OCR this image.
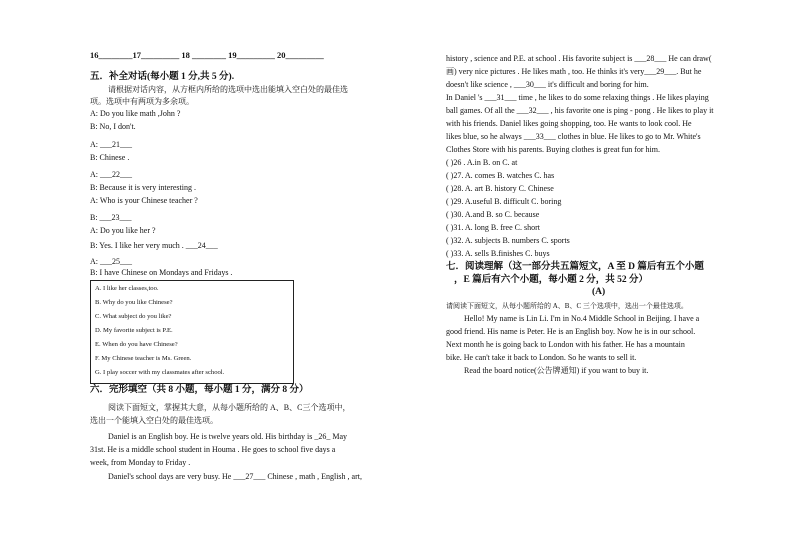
16________17_________ 18 ________ 19_________ 20_________
五．补全对话(每小题 1 分,共 5 分).
请根据对话内容，从方框内所给的选项中选出能填入空白处的最佳选
项。选项中有两项为多余项。
A: Do you like math ,John ?
B: No, I don't.
A: ___21___
B: Chinese .
A: ___22___
B: Because it is very interesting .
A: Who is your Chinese teacher ?
B: ___23___
A: Do you like her ?
B: Yes. I like her very much . ___24___
A: ___25___
B: I have Chinese on Mondays and Fridays .
六．完形填空（共 8 小题，每小题 1 分，满分 8 分）
阅读下面短文，掌握其大意，从每小题所给的 A、B、C三个选项中，
选出一个能填入空白处的最佳选项。
Daniel is an English boy. He is twelve years old. His birthday is _26_ May
31st. He is a middle school student in Houma . He goes to school five days a
week, from Monday to Friday .
Daniel's school days are very busy. He ___27___ Chinese , math , English , art,
A. I like her classes,too.
B. Why do you like Chinese?
C. What subject do you like?
D. My favorite subject is P.E.
E. When do you have Chinese?
F. My Chinese teacher is Ms. Green.
G. I play soccer with my classmates after school.
history , science and P.E. at school . His favorite subject is ___28___ He can draw(
画) very nice pictures . He likes math , too. He thinks it's very___29___. But he
doesn't like science , ___30___ it's difficult and boring for him.
In Daniel 's ___31___ time , he likes to do some relaxing things . He likes playing
ball games. Of all the ___32___ , his favorite one is ping - pong . He likes to play it
with his friends. Daniel likes going shopping, too. He wants to look cool. He
likes blue, so he always ___33___ clothes in blue. He likes to go to Mr. White's
Clothes Store with his parents. Buying clothes is great fun for him.
( )26 . A.in B. on C. at
( )27. A. comes B. watches C. has
( )28. A. art B. history C. Chinese
( )29. A.useful B. difficult C. boring
( )30. A.and B. so C. because
( )31. A. long B. free C. short
( )32. A. subjects B. numbers C. sports
( )33. A. sells B.finishes C. buys
七．阅读理解（这一部分共五篇短文，A 至 D 篇后有五个小题
，E 篇后有六个小题，每小题 2 分，共 52 分）
(A)
请阅读下面短文，从每小题所给的 A、B、C 三个选项中，选出一个最佳选项。
Hello! My name is Lin Li. I'm in No.4 Middle School in Beijing. I have a
good friend. His name is Peter. He is an English boy. Now he is in our school.
Next month he is going back to London with his father. He has a mountain
bike. He can't take it back to London. So he wants to sell it.
Read the board notice(公告牌通知) if you want to buy it.
